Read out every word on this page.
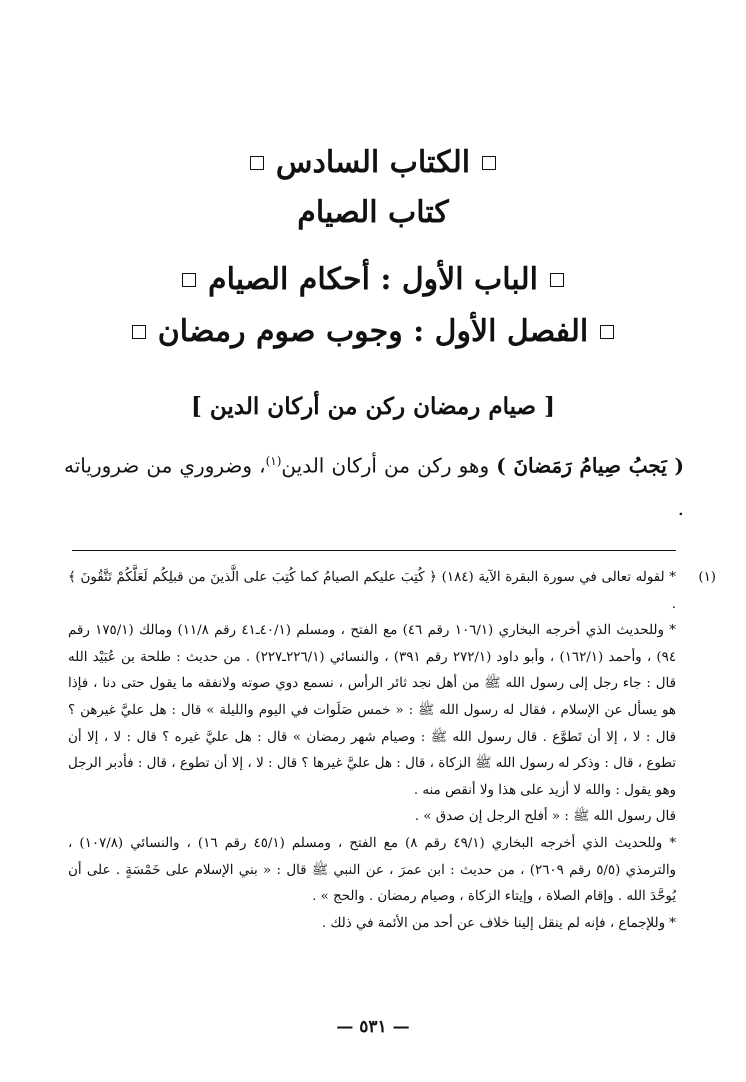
الكتاب السادس
كتاب الصيام
الباب الأول : أحكام الصيام
الفصل الأول : وجوب صوم رمضان
[ صيام رمضان ركن من أركان الدين ]
( يَجبُ صِيامُ رَمَضانَ ) وهو ركن من أركان الدين$^{(١)}$، وضروري من ضرورياته .
(١)

* لقوله تعالى في سورة البقرة الآية (١٨٤) ﴿ كُتِبَ عليكم الصيامُ كما كُتِبَ على الَّذينَ من قبلِكُم لَعَلَّكُمْ تَتَّقُونَ ﴾ .

* وللحديث الذي أخرجه البخاري (١٠٦/١ رقم ٤٦) مع الفتح ، ومسلم (٤٠/١ـ٤١ رقم ١١/٨) ومالك (١٧٥/١ رقم ٩٤) ، وأحمد (١٦٢/١) ، وأبو داود (٢٧٢/١ رقم ٣٩١) ، والنسائي (٢٢٦/١ـ٢٢٧) . من حديث : طلحة بن عُبَيْد الله قال : جاء رجل إلى رسول الله ﷺ من أهل نجد ثائر الرأس ، نسمع دوي صوته ولانفقه ما يقول حتى دنا ، فإذا هو يسأل عن الإسلام ، فقال له رسول الله ﷺ : « خمس صَلَوات في اليوم والليلة » قال : هل عليَّ غيرهن ؟ قال : لا ، إلا أن تَطوَّع . قال رسول الله ﷺ : وصيام شهر رمضان » قال : هل عليَّ غيره ؟ قال : لا ، إلا أن تطوع ، قال : وذكر له رسول الله ﷺ الزكاة ، قال : هل عليَّ غيرها ؟ قال : لا ، إلا أن تطوع ، قال : فأدبر الرجل وهو يقول : والله لا أزيد على هذا ولا أنقص منه .

قال رسول الله ﷺ : « أفلح الرجل إن صدق » .

* وللحديث الذي أخرجه البخاري (٤٩/١ رقم ٨) مع الفتح ، ومسلم (٤٥/١ رقم ١٦) ، والنسائي (١٠٧/٨) ، والترمذي (٥/٥ رقم ٢٦٠٩) ، من حديث : ابن عمرَ ، عن النبي ﷺ قال : « بني الإسلام على خَمْسَةٍ . على أن يُوحَّدَ الله . وإقام الصلاة ، وإيتاء الزكاة ، وصيام رمضان . والحج » .

* وللإجماع ، فإنه لم ينقل إلينا خلاف عن أحد من الأئمة في ذلك .

— ٥٣١ —
